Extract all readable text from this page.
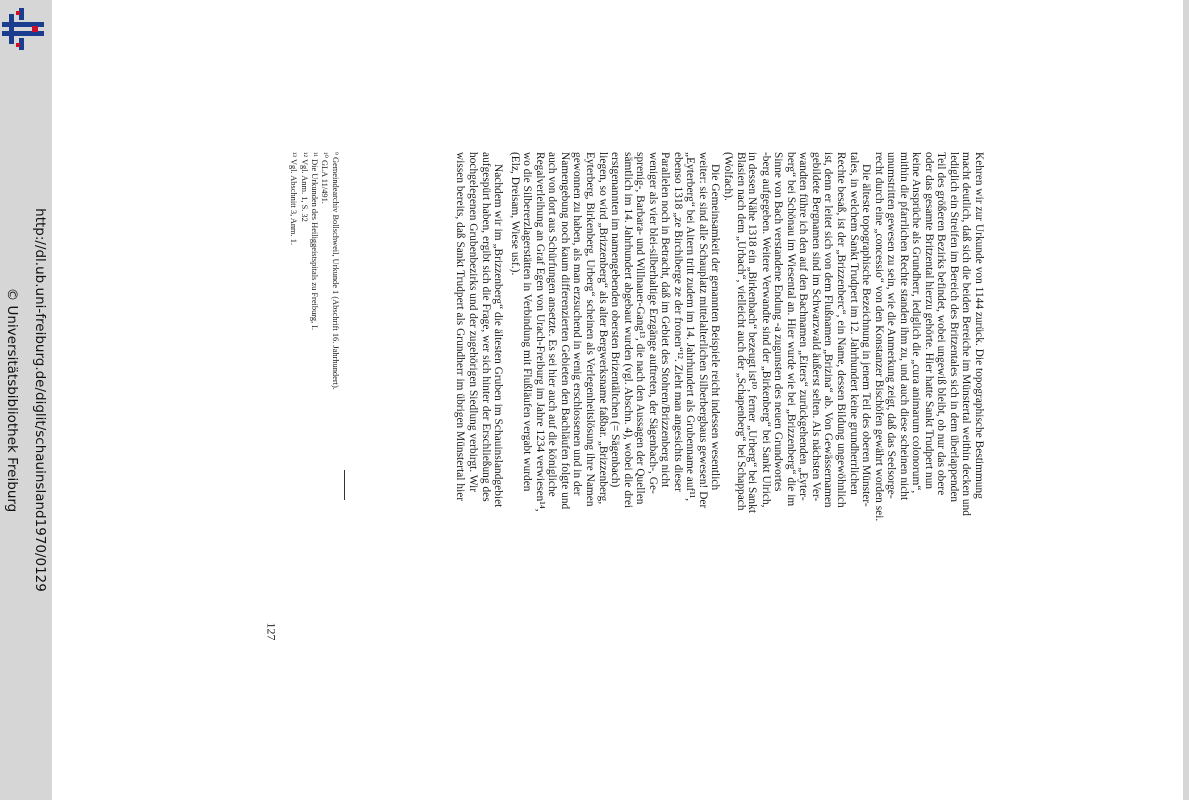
http://dl.ub.uni-freiburg.de/diglit/schauinsland1970/0129
© Universitätsbibliothek Freiburg	Kehren wir zur Urkunde von 1144 zurück. Die topographische Bestimmung
macht deutlich, daß sich die beiden Bereiche im Münstertal weithin decken und
lediglich ein Streifen im Bereich des Britzentales sich in dem überlappenden
Teil des größeren Bezirks befindet, wobei ungewiß bleibt, ob nur das obere
oder das gesamte Britzental hierzu gehörte. Hier hatte Sankt Trudpert nun
keine Ansprüche als Grundherr, lediglich die „cura animarum colonorum“,
mithin die pfarrlichen Rechte standen ihm zu, und auch diese scheinen nicht
unumstritten gewesen zu sein, wie die Anmerkung zeigt, daß das Seelsorge-
recht durch eine „concessio“ von den Konstanzer Bischöfen gewährt worden sei.
Die älteste topographische Bezeichnung in jenem Teil des oberen Münster-
tales, in welchem Sankt Trudpert im 12. Jahrhundert keine grundherrlichen
Rechte besaß, ist der „Brizzenberc“, ein Name, dessen Bildung ungewöhnlich
ist, denn er leitet sich von dem Flußnamen „Brizina“ ab. Von Gewässernamen
gebildete Bergnamen sind im Schwarzwald äußerst selten. Als nächsten Ver-
wandten führe ich den auf den Bachnamen „Eiters“ zurückgehenden „Eyter-
berg“ bei Schönau im Wiesental an. Hier wurde wie bei „Brizzenberg“ die im
Sinne von Bach verstandene Endung -a zugunsten des neuen Grundwortes
-berg aufgegeben. Weitere Verwandte sind der „Birkenberg“ bei Sankt Ulrich,
in dessen Nähe 1318 ein „Birkenbach“ bezeugt ist¹⁰, ferner „Urberg“ bei Sankt
Blasien nach dem „Urbach“, vielleicht auch der „Schapenberg“ bei Schappach
(Wolfach).
Die Gemeinsamkeit der genannten Beispiele reicht indessen wesentlich
weiter: sie sind alle Schauplatz mittelalterlichen Silberbergbaus gewesen! Der
„Eyterberg“ bei Aitern tritt zudem im 14. Jahrhundert als Grubenname auf¹¹,
ebenso 1318 „ze Birchiberge ze der fronen“¹². Zieht man angesichts dieser
Parallelen noch in Betracht, daß im Gebiet des Stohren/Brizzenberg nicht
weniger als vier blei-silberhaltige Erzgänge auftreten, der Sägenbach-, Ge-
sprenig-, Barbara- und Willnauer-Gang¹³, die nach den Aussagen der Quellen
sämtlich im 14. Jahrhundert abgebaut wurden (vgl. Abschn. 4), wobei die drei
erstgenannten im namengebenden obersten Brizentältchen (= Sägenbach)
liegen, so wird „Brizzenberg“ als alter Bergwerksname faßbar. „Brizzenberg,
Eyterberg, Birkenberg, Urberg“ scheinen als Verlegenheitslösung ihre Namen
gewonnen zu haben, als man erzsuchend in wenig erschlossenen und in der
Namengebung noch kaum differenzierten Gebieten den Bachläufen folgte und
auch von dort aus Schürfungen ansetzte. Es sei hier auch auf die königliche
Regalverleihung an Graf Egen von Urach-Freiburg im Jahre 1234 verwiesen¹⁴,
wo die Silbererzlagerstätten in Verbindung mit Flußläufen vergabt wurden
(Elz, Dreisam, Wiese usf.).
Nachdem wir im „Brizzenberg“ die ältesten Gruben im Schauinslandgebiet
aufgespürt haben, ergibt sich die Frage, wer sich hinter der Erschließung des
hochgelegenen Grubenbezirks und der zugehörigen Siedlung verbirgt. Wir
wissen bereits, daß Sankt Trudpert als Grundherr im übrigen Münstertal hier
⁹ Gemeindearchiv Bollschweil, Urkunde 1 (Abschrift 16. Jahrhundert).
¹⁰ GLA 11/491.
¹¹ Die Urkunden des Heiliggeistspitals zu Freiburg, I.
¹² Vgl. Anm. 1, S. 32
¹³ Vgl. Abschnitt 3, Anm. 1.
127
